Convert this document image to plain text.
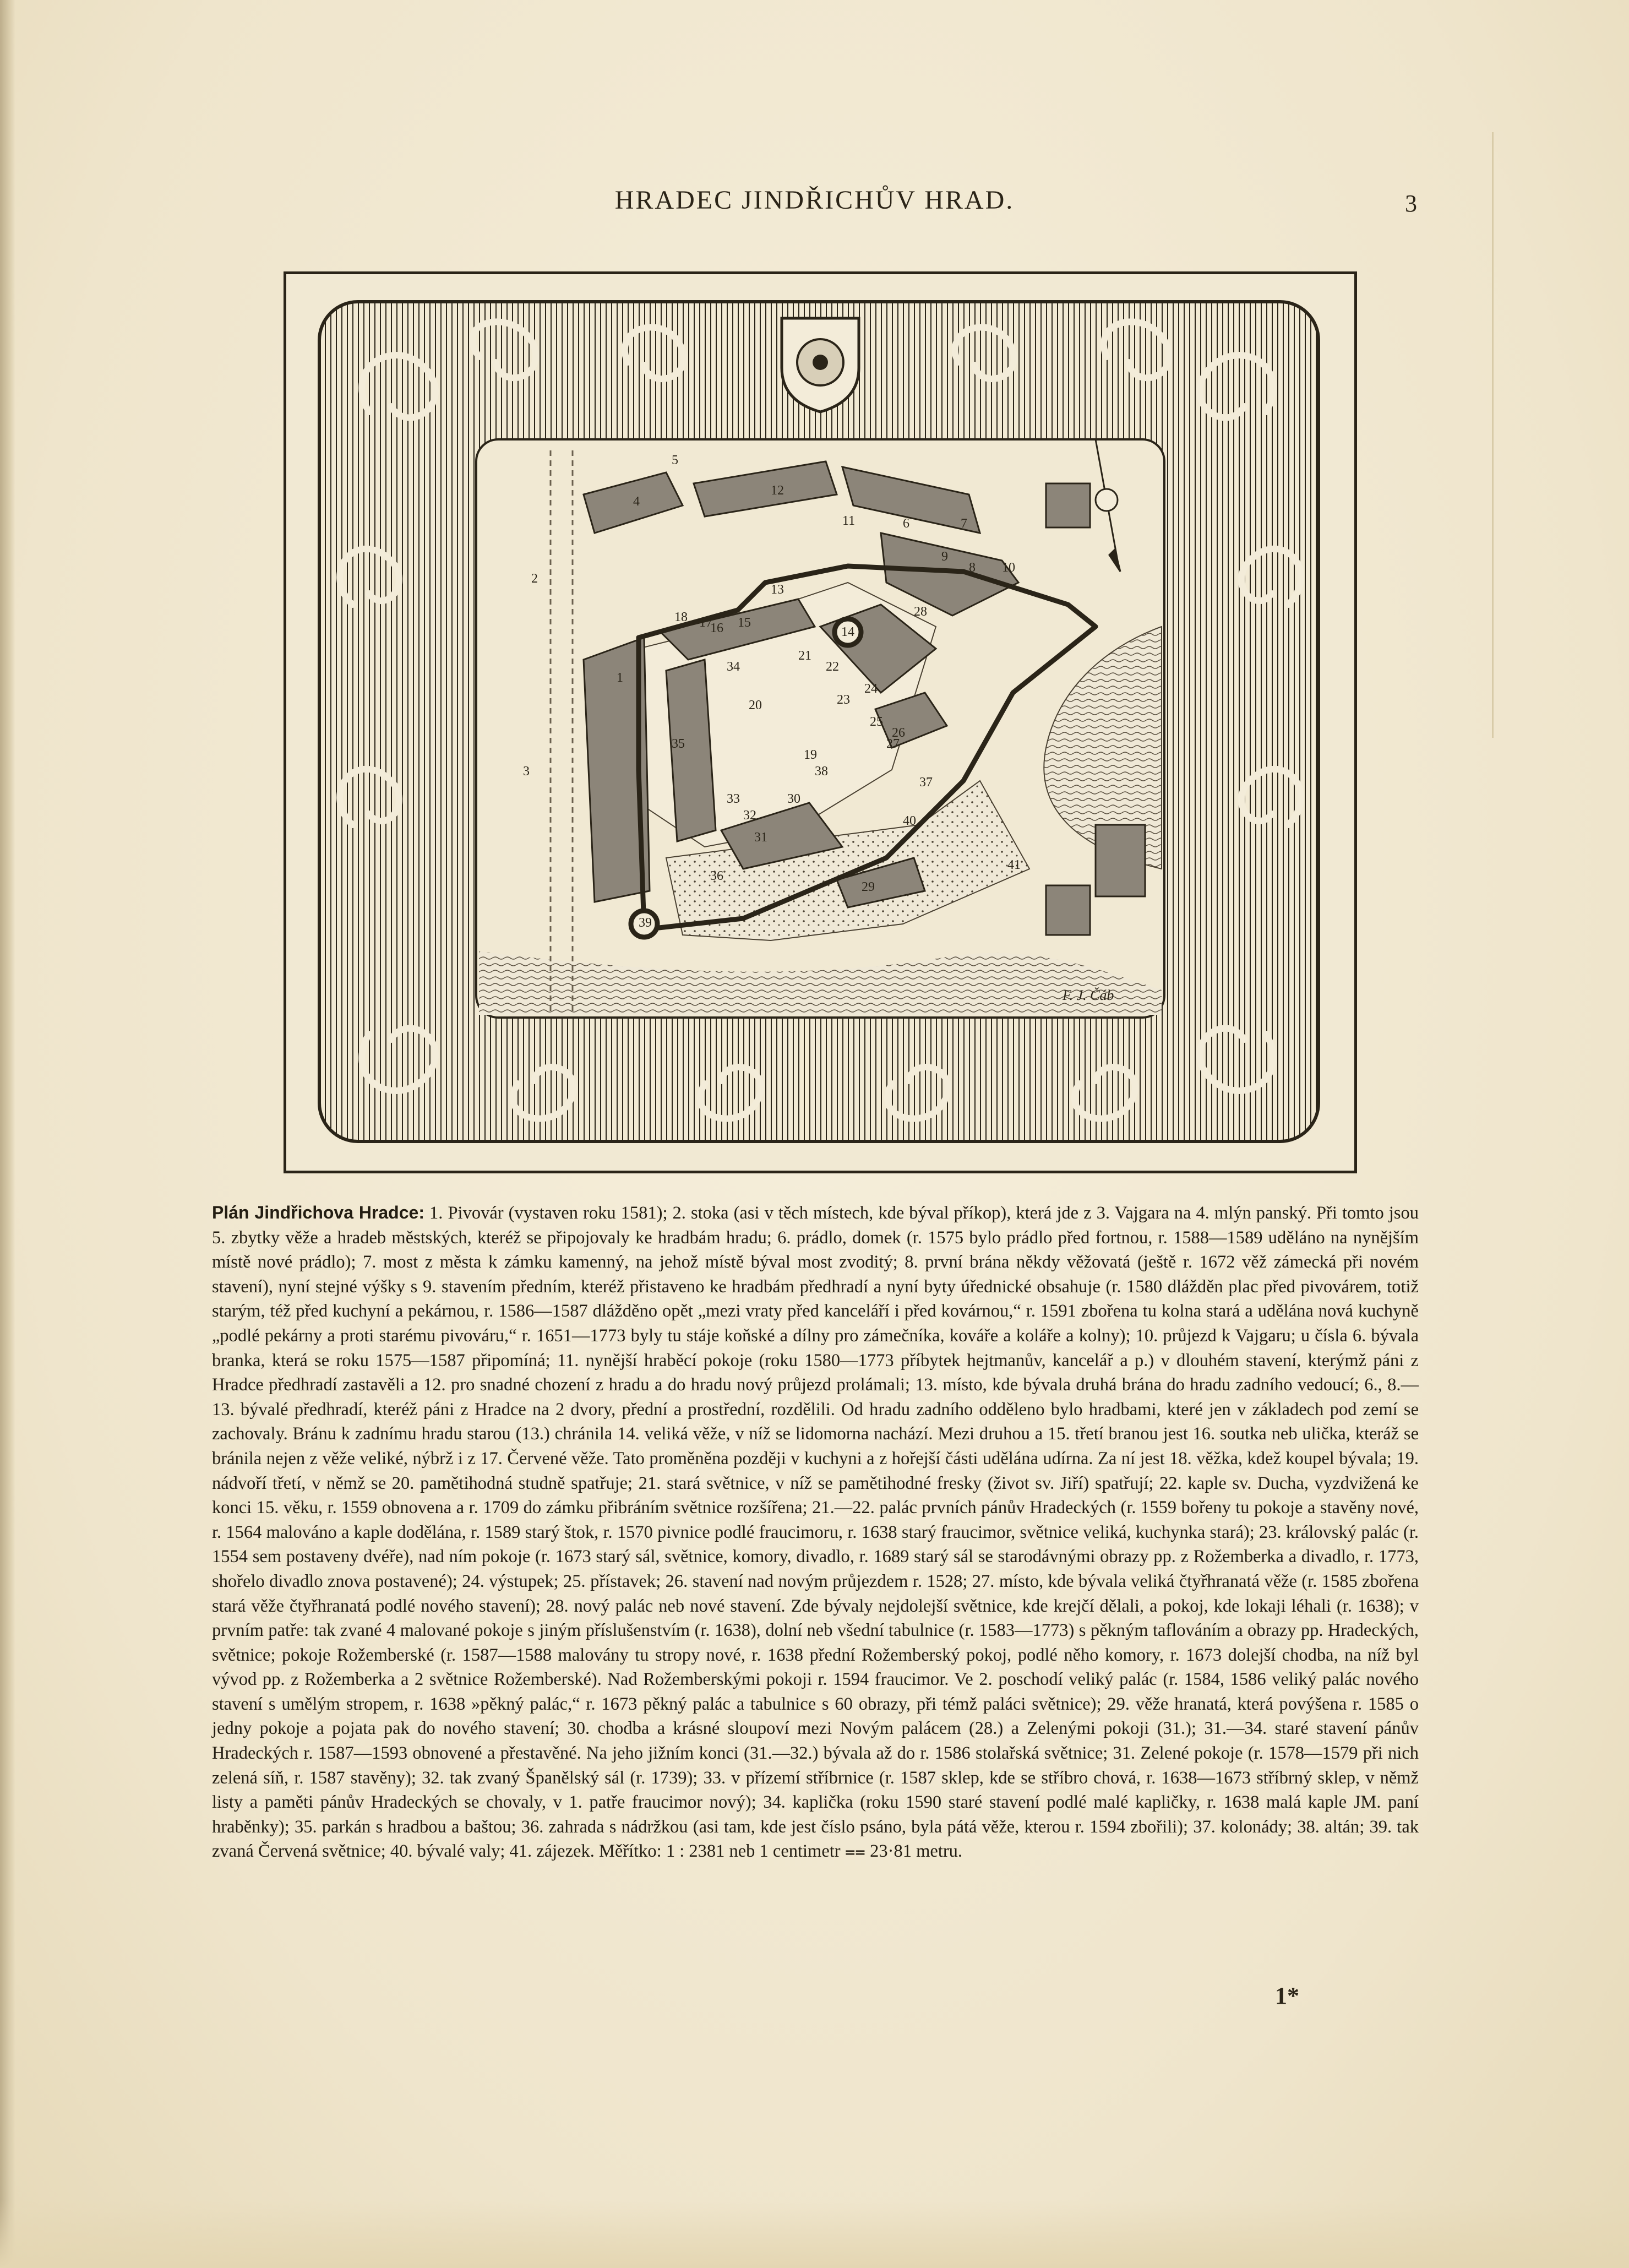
HRADEC JINDŘICHŮV HRAD.	3
1
2
3
4
5
6	7
8
9
10
11
12
13
14
15
16
17
18
19
20
21
22
23
24
25
26
27
28
29
30
31
32
33
34
35
36
37
38
39
40
41
F. J. Čáb
Plán Jindřichova Hradce: 1. Pivovár (vystaven roku 1581); 2. stoka (asi v těch místech, kde býval příkop), která jde z 3. Vajgara na 4. mlýn panský. Při tomto jsou 5. zbytky věže a hradeb městských, kteréž se připojovaly ke hradbám hradu; 6. prádlo, domek (r. 1575 bylo prádlo před fortnou, r. 1588—1589 uděláno na nynějším místě nové prádlo); 7. most z města k zámku kamenný, na jehož místě býval most zvoditý; 8. první brána někdy věžovatá (ještě r. 1672 věž zámecká při novém stavení), nyní stejné výšky s 9. stavením předním, kteréž přistaveno ke hradbám předhradí a nyní byty úřednické obsahuje (r. 1580 dlážděn plac před pivovárem, totiž starým, též před kuchyní a pekárnou, r. 1586—1587 dlážděno opět „mezi vraty před kanceláří i před kovárnou,“ r. 1591 zbořena tu kolna stará a udělána nová kuchyně „podlé pekárny a proti starému pivováru,“ r. 1651—1773 byly tu stáje koňské a dílny pro zámečníka, kováře a koláře a kolny); 10. průjezd k Vajgaru; u čísla 6. bývala branka, která se roku 1575—1587 připomíná; 11. nynější hraběcí pokoje (roku 1580—1773 příbytek hejtmanův, kancelář a p.) v dlouhém stavení, kterýmž páni z Hradce předhradí zastavěli a 12. pro snadné chození z hradu a do hradu nový průjezd prolámali; 13. místo, kde bývala druhá brána do hradu zadního vedoucí; 6., 8.—13. bývalé předhradí, kteréž páni z Hradce na 2 dvory, přední a prostřední, rozdělili. Od hradu zadního odděleno bylo hradbami, které jen v základech pod zemí se zachovaly. Bránu k zadnímu hradu starou (13.) chránila 14. veliká věže, v níž se lidomorna nachází. Mezi druhou a 15. třetí branou jest 16. soutka neb ulička, kteráž se bránila nejen z věže veliké, nýbrž i z 17. Červené věže. Tato proměněna později v kuchyni a z hořejší části udělána udírna. Za ní jest 18. věžka, kdež koupel bývala; 19. nádvoří třetí, v němž se 20. pamětihodná studně spatřuje; 21. stará světnice, v níž se pamětihodné fresky (život sv. Jiří) spatřují; 22. kaple sv. Ducha, vyzdvižená ke konci 15. věku, r. 1559 obnovena a r. 1709 do zámku přibráním světnice rozšířena; 21.—22. palác prvních pánův Hradeckých (r. 1559 bořeny tu pokoje a stavěny nové, r. 1564 malováno a kaple dodělána, r. 1589 starý štok, r. 1570 pivnice podlé fraucimoru, r. 1638 starý fraucimor, světnice veliká, kuchynka stará); 23. královský palác (r. 1554 sem postaveny dvéře), nad ním pokoje (r. 1673 starý sál, světnice, komory, divadlo, r. 1689 starý sál se starodávnými obrazy pp. z Rožemberka a divadlo, r. 1773, shořelo divadlo znova postavené); 24. výstupek; 25. přístavek; 26. stavení nad novým průjezdem r. 1528; 27. místo, kde bývala veliká čtyřhranatá věže (r. 1585 zbořena stará věže čtyřhranatá podlé nového stavení); 28. nový palác neb nové stavení. Zde bývaly nejdolejší světnice, kde krejčí dělali, a pokoj, kde lokaji léhali (r. 1638); v prvním patře: tak zvané 4 malované pokoje s jiným příslušenstvím (r. 1638), dolní neb všední tabulnice (r. 1583—1773) s pěkným taflováním a obrazy pp. Hradeckých, světnice; pokoje Rožemberské (r. 1587—1588 malovány tu stropy nové, r. 1638 přední Rožemberský pokoj, podlé něho komory, r. 1673 dolejší chodba, na níž byl vývod pp. z Rožemberka a 2 světnice Rožemberské). Nad Rožemberskými pokoji r. 1594 fraucimor. Ve 2. poschodí veliký palác (r. 1584, 1586 veliký palác nového stavení s umělým stropem, r. 1638 »pěkný palác,“ r. 1673 pěkný palác a tabulnice s 60 obrazy, při témž paláci světnice); 29. věže hranatá, která povýšena r. 1585 o jedny pokoje a pojata pak do nového stavení; 30. chodba a krásné sloupoví mezi Novým palácem (28.) a Zelenými pokoji (31.); 31.—34. staré stavení pánův Hradeckých r. 1587—1593 obnovené a přestavěné. Na jeho jižním konci (31.—32.) bývala až do r. 1586 stolařská světnice; 31. Zelené pokoje (r. 1578—1579 při nich zelená síň, r. 1587 stavěny); 32. tak zvaný Španělský sál (r. 1739); 33. v přízemí stříbrnice (r. 1587 sklep, kde se stříbro chová, r. 1638—1673 stříbrný sklep, v němž listy a paměti pánův Hradeckých se chovaly, v 1. patře fraucimor nový); 34. kaplička (roku 1590 staré stavení podlé malé kapličky, r. 1638 malá kaple JM. paní hraběnky); 35. parkán s hradbou a baštou; 36. zahrada s nádržkou (asi tam, kde jest číslo psáno, byla pátá věže, kterou r. 1594 zbořili); 37. kolonády; 38. altán; 39. tak zvaná Červená světnice; 40. bývalé valy; 41. zájezek. Měřítko: 1 : 2381 neb 1 centimetr ⩵ 23·81 metru.
1*
